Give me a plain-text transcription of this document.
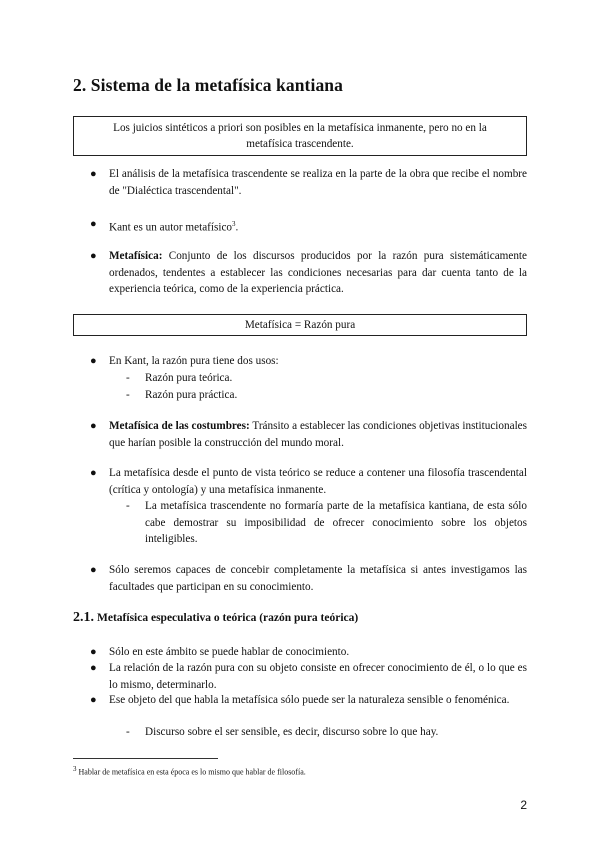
2. Sistema de la metafísica kantiana
Los juicios sintéticos a priori son posibles en la metafísica inmanente, pero no en la metafísica trascendente.
● El análisis de la metafísica trascendente se realiza en la parte de la obra que recibe el nombre de "Dialéctica trascendental".
● Kant es un autor metafísico$^3$.
● Metafísica: Conjunto de los discursos producidos por la razón pura sistemáticamente ordenados, tendentes a establecer las condiciones necesarias para dar cuenta tanto de la experiencia teórica, como de la experiencia práctica.
Metafísica = Razón pura
● En Kant, la razón pura tiene dos usos:
- Razón pura teórica.
- Razón pura práctica.
● Metafísica de las costumbres: Tránsito a establecer las condiciones objetivas institucionales que harían posible la construcción del mundo moral.
● La metafísica desde el punto de vista teórico se reduce a contener una filosofía trascendental (crítica y ontología) y una metafísica inmanente.
- La metafísica trascendente no formaría parte de la metafísica kantiana, de esta sólo cabe demostrar su imposibilidad de ofrecer conocimiento sobre los objetos inteligibles.
● Sólo seremos capaces de concebir completamente la metafísica si antes investigamos las facultades que participan en su conocimiento.
2.1. Metafísica especulativa o teórica (razón pura teórica)
● Sólo en este ámbito se puede hablar de conocimiento.
● La relación de la razón pura con su objeto consiste en ofrecer conocimiento de él, o lo que es lo mismo, determinarlo.
● Ese objeto del que habla la metafísica sólo puede ser la naturaleza sensible o fenoménica.
- Discurso sobre el ser sensible, es decir, discurso sobre lo que hay.
$^3$ Hablar de metafísica en esta época es lo mismo que hablar de filosofía.
2
